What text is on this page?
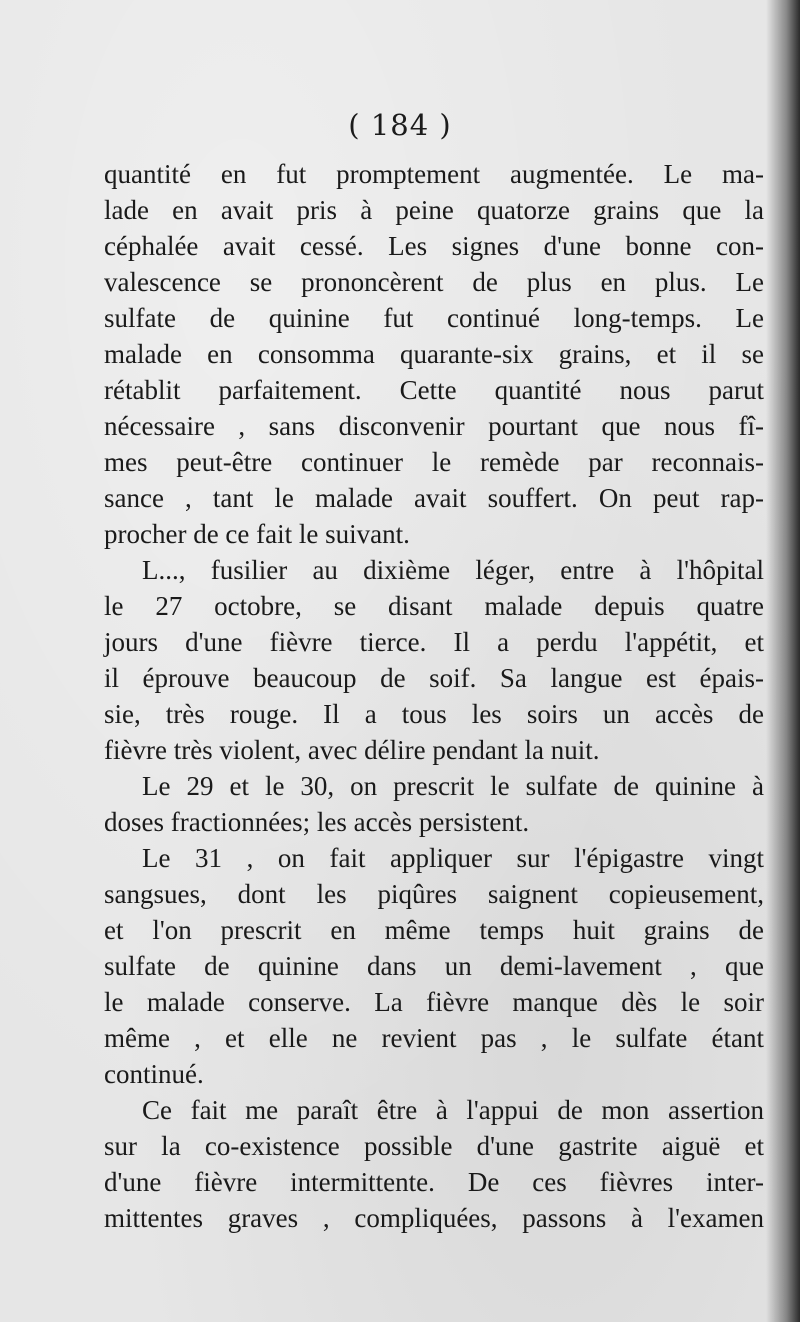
( 184 )
quantité en fut promptement augmentée. Le ma-
lade en avait pris à peine quatorze grains que la
céphalée avait cessé. Les signes d'une bonne con-
valescence se prononcèrent de plus en plus. Le
sulfate de quinine fut continué long-temps. Le
malade en consomma quarante-six grains, et il se
rétablit parfaitement. Cette quantité nous parut
nécessaire , sans disconvenir pourtant que nous fî-
mes peut-être continuer le remède par reconnais-
sance , tant le malade avait souffert. On peut rap-
procher de ce fait le suivant.
L..., fusilier au dixième léger, entre à l'hôpital
le 27 octobre, se disant malade depuis quatre
jours d'une fièvre tierce. Il a perdu l'appétit, et
il éprouve beaucoup de soif. Sa langue est épais-
sie, très rouge. Il a tous les soirs un accès de
fièvre très violent, avec délire pendant la nuit.
Le 29 et le 30, on prescrit le sulfate de quinine à
doses fractionnées; les accès persistent.
Le 31 , on fait appliquer sur l'épigastre vingt
sangsues, dont les piqûres saignent copieusement,
et l'on prescrit en même temps huit grains de
sulfate de quinine dans un demi-lavement , que
le malade conserve. La fièvre manque dès le soir
même , et elle ne revient pas , le sulfate étant
continué.
Ce fait me paraît être à l'appui de mon assertion
sur la co-existence possible d'une gastrite aiguë et
d'une fièvre intermittente. De ces fièvres inter-
mittentes graves , compliquées, passons à l'examen
